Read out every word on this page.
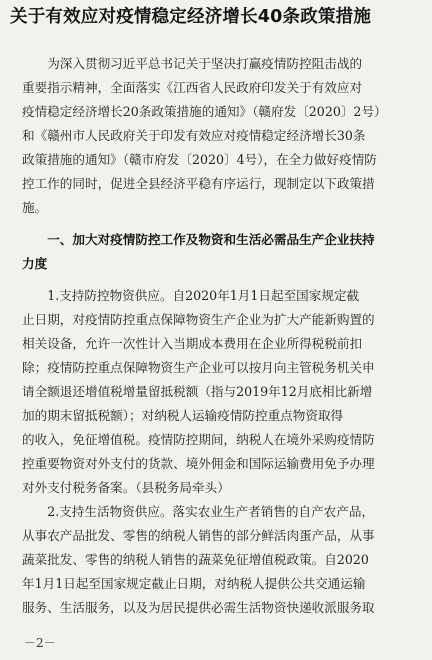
关于有效应对疫情稳定经济增长40条政策措施
　　为深入贯彻习近平总书记关于坚决打赢疫情防控阻击战的
重要指示精神，全面落实《江西省人民政府印发关于有效应对
疫情稳定经济增长20条政策措施的通知》（赣府发〔2020〕2号）
和《赣州市人民政府关于印发有效应对疫情稳定经济增长30条
政策措施的通知》（赣市府发〔2020〕4号），在全力做好疫情防
控工作的同时，促进全县经济平稳有序运行，现制定以下政策措
施。
　　一、加大对疫情防控工作及物资和生活必需品生产企业扶持
力度
　　1.支持防控物资供应。自2020年1月1日起至国家规定截
止日期，对疫情防控重点保障物资生产企业为扩大产能新购置的
相关设备，允许一次性计入当期成本费用在企业所得税税前扣
除；疫情防控重点保障物资生产企业可以按月向主管税务机关申
请全额退还增值税增量留抵税额（指与2019年12月底相比新增
加的期末留抵税额）；对纳税人运输疫情防控重点物资取得
的收入，免征增值税。疫情防控期间，纳税人在境外采购疫情防
控重要物资对外支付的货款、境外佣金和国际运输费用免予办理
对外支付税务备案。（县税务局牵头）
　　2.支持生活物资供应。落实农业生产者销售的自产农产品，
从事农产品批发、零售的纳税人销售的部分鲜活肉蛋产品，从事
蔬菜批发、零售的纳税人销售的蔬菜免征增值税政策。自2020
年1月1日起至国家规定截止日期，对纳税人提供公共交通运输
服务、生活服务，以及为居民提供必需生活物资快递收派服务取
－2－
